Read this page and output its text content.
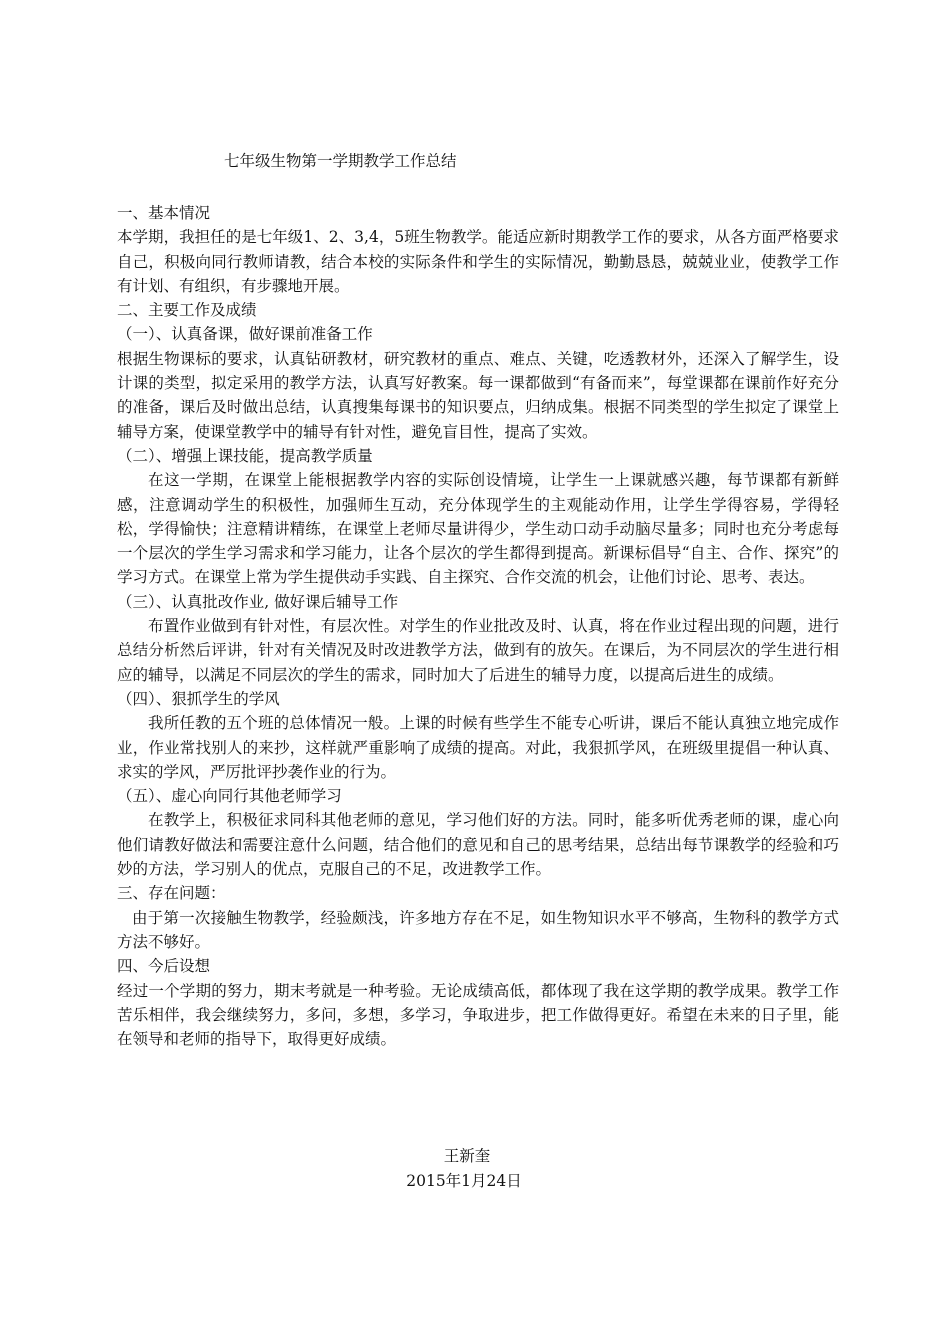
七年级生物第一学期教学工作总结

一、基本情况

本学期，我担任的是七年级1、2、3,4，5班生物教学。能适应新时期教学工作的要求，从各方面严格要求自己，积极向同行教师请教，结合本校的实际条件和学生的实际情况，勤勤恳恳，兢兢业业，使教学工作有计划、有组织，有步骤地开展。

二、主要工作及成绩

（一）、认真备课，做好课前准备工作

根据生物课标的要求，认真钻研教材，研究教材的重点、难点、关键，吃透教材外，还深入了解学生，设计课的类型，拟定采用的教学方法，认真写好教案。每一课都做到“有备而来”，每堂课都在课前作好充分的准备，课后及时做出总结，认真搜集每课书的知识要点，归纳成集。根据不同类型的学生拟定了课堂上辅导方案，使课堂教学中的辅导有针对性，避免盲目性，提高了实效。

（二）、增强上课技能，提高教学质量

在这一学期，在课堂上能根据教学内容的实际创设情境，让学生一上课就感兴趣，每节课都有新鲜感，注意调动学生的积极性，加强师生互动，充分体现学生的主观能动作用，让学生学得容易，学得轻松，学得愉快；注意精讲精练，在课堂上老师尽量讲得少，学生动口动手动脑尽量多；同时也充分考虑每一个层次的学生学习需求和学习能力，让各个层次的学生都得到提高。新课标倡导“自主、合作、探究”的学习方式。在课堂上常为学生提供动手实践、自主探究、合作交流的机会，让他们讨论、思考、表达。

（三）、认真批改作业, 做好课后辅导工作

布置作业做到有针对性，有层次性。对学生的作业批改及时、认真，将在作业过程出现的问题，进行总结分析然后评讲，针对有关情况及时改进教学方法，做到有的放矢。在课后，为不同层次的学生进行相应的辅导，以满足不同层次的学生的需求，同时加大了后进生的辅导力度，以提高后进生的成绩。

（四）、狠抓学生的学风

我所任教的五个班的总体情况一般。上课的时候有些学生不能专心听讲，课后不能认真独立地完成作业，作业常找别人的来抄，这样就严重影响了成绩的提高。对此，我狠抓学风，在班级里提倡一种认真、求实的学风，严厉批评抄袭作业的行为。

（五）、虚心向同行其他老师学习

在教学上，积极征求同科其他老师的意见，学习他们好的方法。同时，能多听优秀老师的课，虚心向他们请教好做法和需要注意什么问题，结合他们的意见和自己的思考结果，总结出每节课教学的经验和巧妙的方法，学习别人的优点，克服自己的不足，改进教学工作。

三、存在问题：

由于第一次接触生物教学，经验颇浅，许多地方存在不足，如生物知识水平不够高，生物科的教学方式方法不够好。

四、今后设想

经过一个学期的努力，期末考就是一种考验。无论成绩高低，都体现了我在这学期的教学成果。教学工作苦乐相伴，我会继续努力，多问，多想，多学习，争取进步，把工作做得更好。希望在未来的日子里，能在领导和老师的指导下，取得更好成绩。

王新奎
2015年1月24日
